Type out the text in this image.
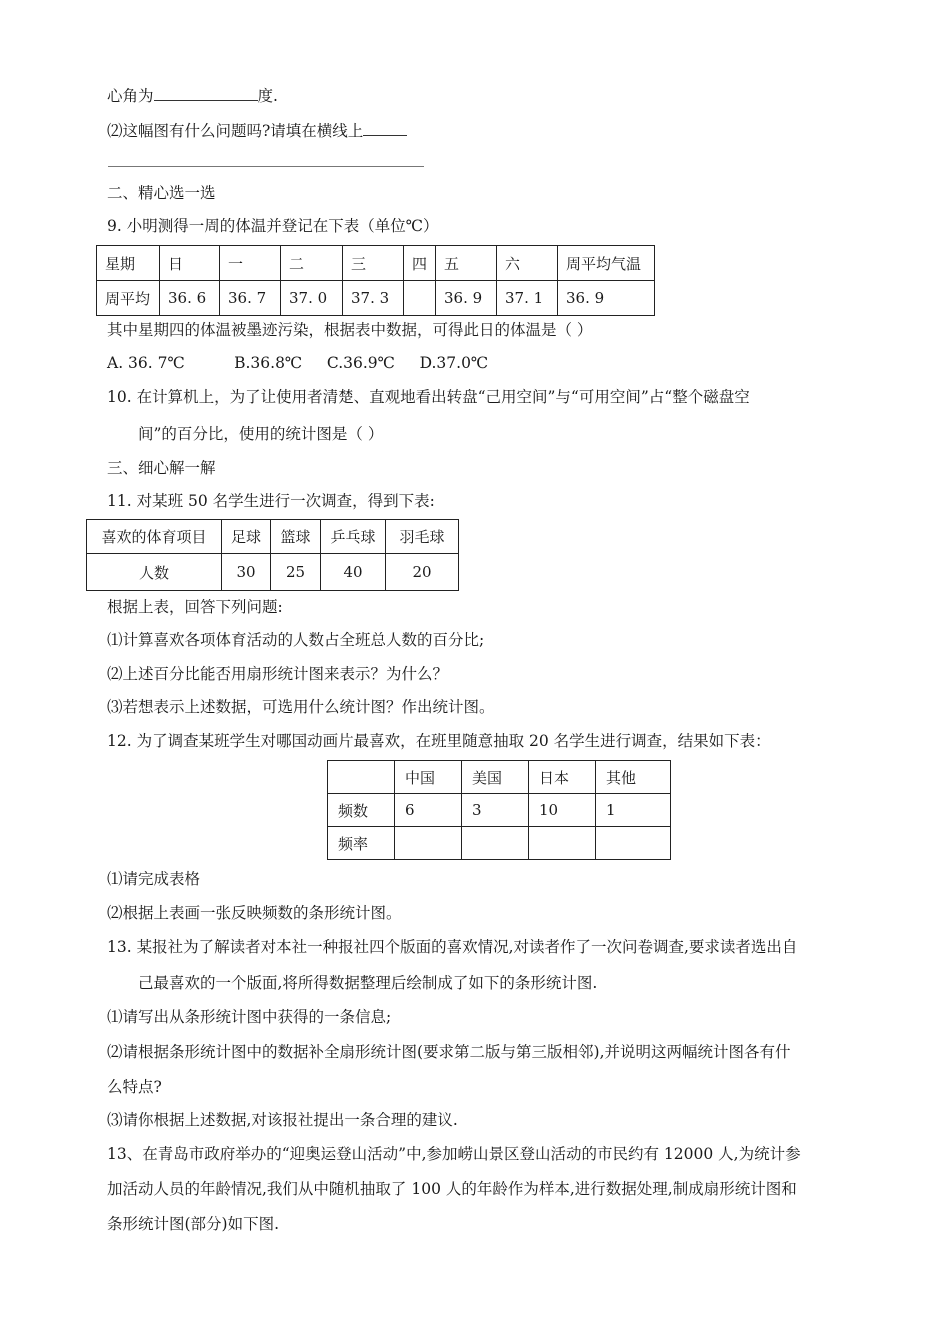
心角为	度.
⑵这幅图有什么问题吗?请填在横线上
二、精心选一选
9. 小明测得一周的体温并登记在下表（单位℃）
星期	日	一	二	三	四	五	六	周平均气温
周平均	36. 6	36. 7	37. 0	37. 3		36. 9	37. 1	36. 9
其中星期四的体温被墨迹污染，根据表中数据，可得此日的体温是（ ）
A. 36. 7℃          B.36.8℃     C.36.9℃     D.37.0℃
10. 在计算机上，为了让使用者清楚、直观地看出转盘“己用空间”与“可用空间”占“整个磁盘空
间”的百分比，使用的统计图是（ ）
三、细心解一解
11. 对某班 50 名学生进行一次调查，得到下表:
喜欢的体育项目	足球	篮球	乒乓球	羽毛球
人数	30	25	40	20
根据上表，回答下列问题:
⑴计算喜欢各项体育活动的人数占全班总人数的百分比;
⑵上述百分比能否用扇形统计图来表示？为什么？
⑶若想表示上述数据，可选用什么统计图？作出统计图。
12. 为了调查某班学生对哪国动画片最喜欢，在班里随意抽取 20 名学生进行调查，结果如下表：
	中国	美国	日本	其他
频数	6	3	10	1
频率				
⑴请完成表格
⑵根据上表画一张反映频数的条形统计图。
13. 某报社为了解读者对本社一种报社四个版面的喜欢情况,对读者作了一次问卷调查,要求读者选出自
己最喜欢的一个版面,将所得数据整理后绘制成了如下的条形统计图.
⑴请写出从条形统计图中获得的一条信息;
⑵请根据条形统计图中的数据补全扇形统计图(要求第二版与第三版相邻),并说明这两幅统计图各有什
么特点?
⑶请你根据上述数据,对该报社提出一条合理的建议.
13、在青岛市政府举办的“迎奥运登山活动”中,参加崂山景区登山活动的市民约有 12000 人,为统计参
加活动人员的年龄情况,我们从中随机抽取了 100 人的年龄作为样本,进行数据处理,制成扇形统计图和
条形统计图(部分)如下图.
